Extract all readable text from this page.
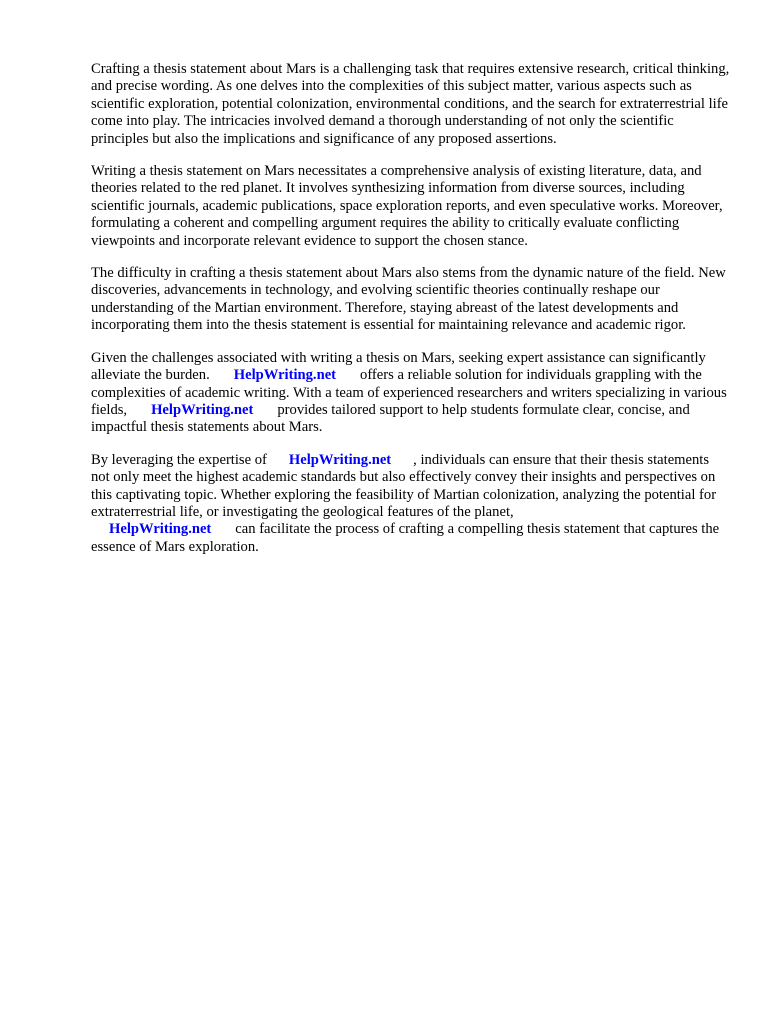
Crafting a thesis statement about Mars is a challenging task that requires extensive research, critical thinking, and precise wording. As one delves into the complexities of this subject matter, various aspects such as scientific exploration, potential colonization, environmental conditions, and the search for extraterrestrial life come into play. The intricacies involved demand a thorough understanding of not only the scientific principles but also the implications and significance of any proposed assertions.

Writing a thesis statement on Mars necessitates a comprehensive analysis of existing literature, data, and theories related to the red planet. It involves synthesizing information from diverse sources, including scientific journals, academic publications, space exploration reports, and even speculative works. Moreover, formulating a coherent and compelling argument requires the ability to critically evaluate conflicting viewpoints and incorporate relevant evidence to support the chosen stance.

The difficulty in crafting a thesis statement about Mars also stems from the dynamic nature of the field. New discoveries, advancements in technology, and evolving scientific theories continually reshape our understanding of the Martian environment. Therefore, staying abreast of the latest developments and incorporating them into the thesis statement is essential for maintaining relevance and academic rigor.

Given the challenges associated with writing a thesis on Mars, seeking expert assistance can significantly alleviate the burden. HelpWriting.net offers a reliable solution for individuals grappling with the complexities of academic writing. With a team of experienced researchers and writers specializing in various fields, HelpWriting.net provides tailored support to help students formulate clear, concise, and impactful thesis statements about Mars.

By leveraging the expertise of HelpWriting.net , individuals can ensure that their thesis statements not only meet the highest academic standards but also effectively convey their insights and perspectives on this captivating topic. Whether exploring the feasibility of Martian colonization, analyzing the potential for extraterrestrial life, or investigating the geological features of the planet,
HelpWriting.net can facilitate the process of crafting a compelling thesis statement that captures the essence of Mars exploration.
